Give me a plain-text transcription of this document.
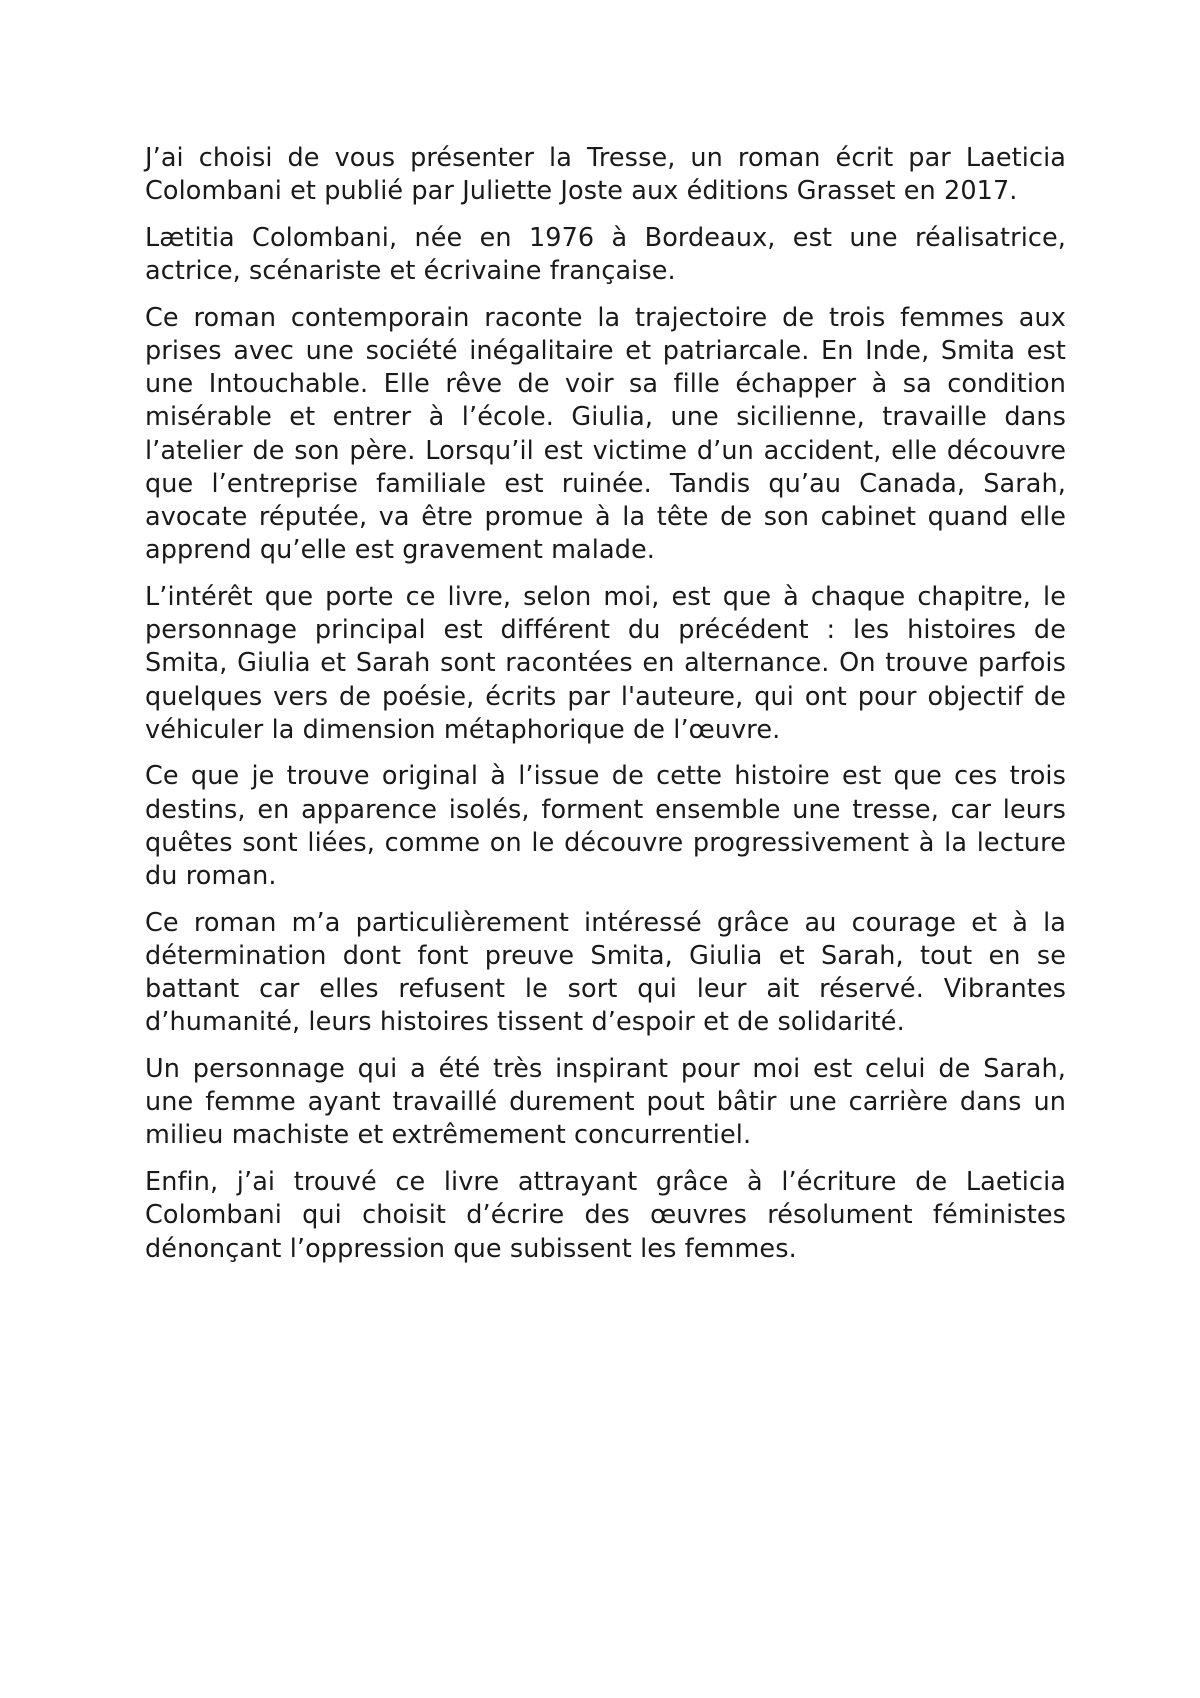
J’ai choisi de vous présenter la Tresse, un roman écrit par Laeticia Colombani et publié par Juliette Joste aux éditions Grasset en 2017.

Lætitia Colombani, née en 1976 à Bordeaux, est une réalisatrice, actrice, scénariste et écrivaine française.

Ce roman contemporain raconte la trajectoire de trois femmes aux prises avec une société inégalitaire et patriarcale. En Inde, Smita est une Intouchable. Elle rêve de voir sa fille échapper à sa condition misérable et entrer à l’école. Giulia, une sicilienne, travaille dans l’atelier de son père. Lorsqu’il est victime d’un accident, elle découvre que l’entreprise familiale est ruinée. Tandis qu’au Canada, Sarah, avocate réputée, va être promue à la tête de son cabinet quand elle apprend qu’elle est gravement malade.

L’intérêt que porte ce livre, selon moi, est que à chaque chapitre, le personnage principal est différent du précédent : les histoires de Smita, Giulia et Sarah sont racontées en alternance. On trouve parfois quelques vers de poésie, écrits par l'auteure, qui ont pour objectif de véhiculer la dimension métaphorique de l’œuvre.

Ce que je trouve original à l’issue de cette histoire est que ces trois destins, en apparence isolés, forment ensemble une tresse, car leurs quêtes sont liées, comme on le découvre progressivement à la lecture du roman.

Ce roman m’a particulièrement intéressé grâce au courage et à la détermination dont font preuve Smita, Giulia et Sarah, tout en se battant car elles refusent le sort qui leur ait réservé. Vibrantes d’humanité, leurs histoires tissent d’espoir et de solidarité.

Un personnage qui a été très inspirant pour moi est celui de Sarah, une femme ayant travaillé durement pout bâtir une carrière dans un milieu machiste et extrêmement concurrentiel.

Enfin, j’ai trouvé ce livre attrayant grâce à l’écriture de Laeticia Colombani qui choisit d’écrire des œuvres résolument féministes dénonçant l’oppression que subissent les femmes.
